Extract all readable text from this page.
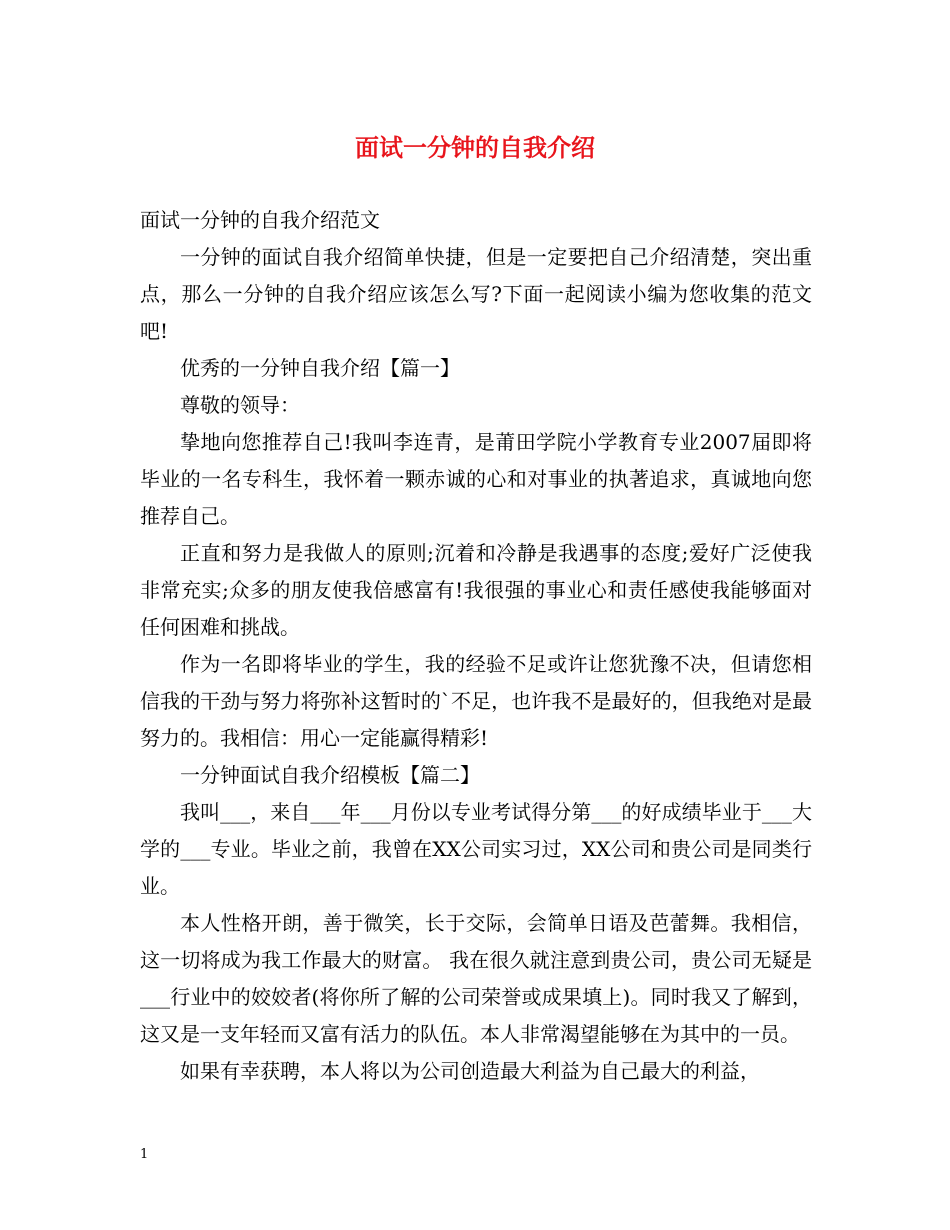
面试一分钟的自我介绍

面试一分钟的自我介绍范文

一分钟的面试自我介绍简单快捷，但是一定要把自己介绍清楚，突出重点，那么一分钟的自我介绍应该怎么写?下面一起阅读小编为您收集的范文吧!

优秀的一分钟自我介绍【篇一】

尊敬的领导：

挚地向您推荐自己!我叫李连青，是莆田学院小学教育专业2007届即将毕业的一名专科生，我怀着一颗赤诚的心和对事业的执著追求，真诚地向您推荐自己。

正直和努力是我做人的原则;沉着和冷静是我遇事的态度;爱好广泛使我非常充实;众多的朋友使我倍感富有!我很强的事业心和责任感使我能够面对任何困难和挑战。

作为一名即将毕业的学生，我的经验不足或许让您犹豫不决，但请您相信我的干劲与努力将弥补这暂时的`不足，也许我不是最好的，但我绝对是最努力的。我相信：用心一定能赢得精彩!

一分钟面试自我介绍模板【篇二】

我叫___，来自___年___月份以专业考试得分第___的好成绩毕业于___大学的___专业。毕业之前，我曾在XX公司实习过，XX公司和贵公司是同类行业。

本人性格开朗，善于微笑，长于交际，会简单日语及芭蕾舞。我相信，这一切将成为我工作最大的财富。 我在很久就注意到贵公司，贵公司无疑是___行业中的姣姣者(将你所了解的公司荣誉或成果填上)。同时我又了解到，这又是一支年轻而又富有活力的队伍。本人非常渴望能够在为其中的一员。

如果有幸获聘，本人将以为公司创造最大利益为自己最大的利益，

1
